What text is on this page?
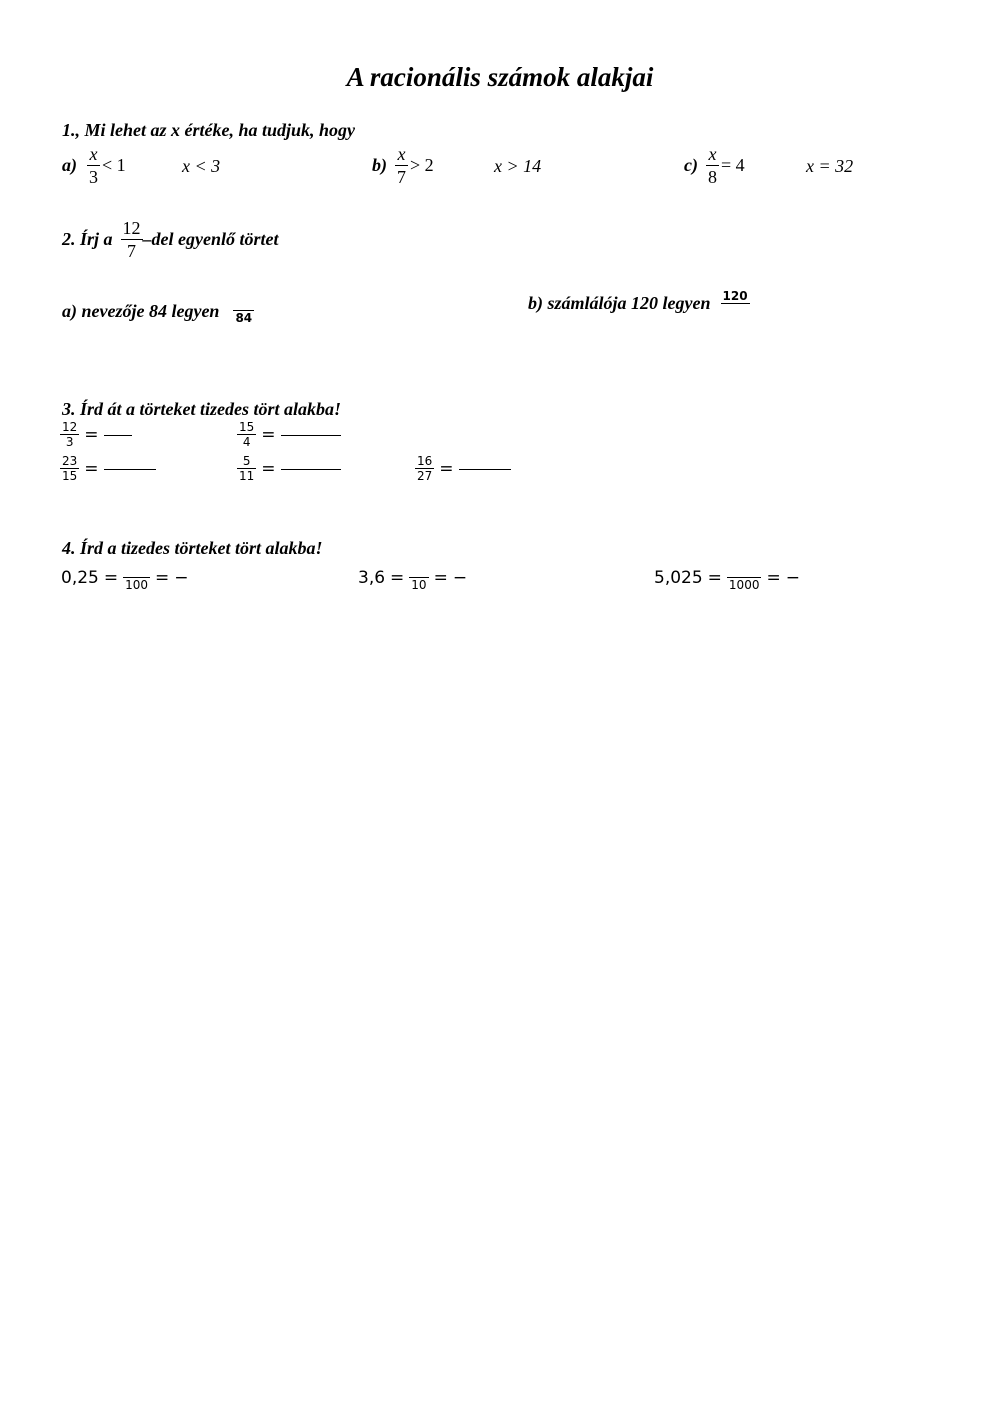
A racionális számok alakjai
1., Mi lehet az x értéke, ha tudjuk, hogy
$a) \frac{x}{3} < 1$	x < 3	$b) \frac{x}{7} > 2$	x > 14	$c) \frac{x}{8} = 4$	x = 32
2. Írj a $\frac{12}{7} -del$ egyenlő törtet
a) nevezője 84 legyen 84
b) számlálója 120 legyen 120
3. Írd át a törteket tizedes tört alakba!
$\frac{12}{3}$ =	$\frac{15}{4}$ =
$\frac{23}{15}$ =	$\frac{5}{11}$ =	$\frac{16}{27}$ =
4. Írd a tizedes törteket tört alakba!
0,25 = 100 = −	3,6 = 10 = −	5,025 = 1000 = −
